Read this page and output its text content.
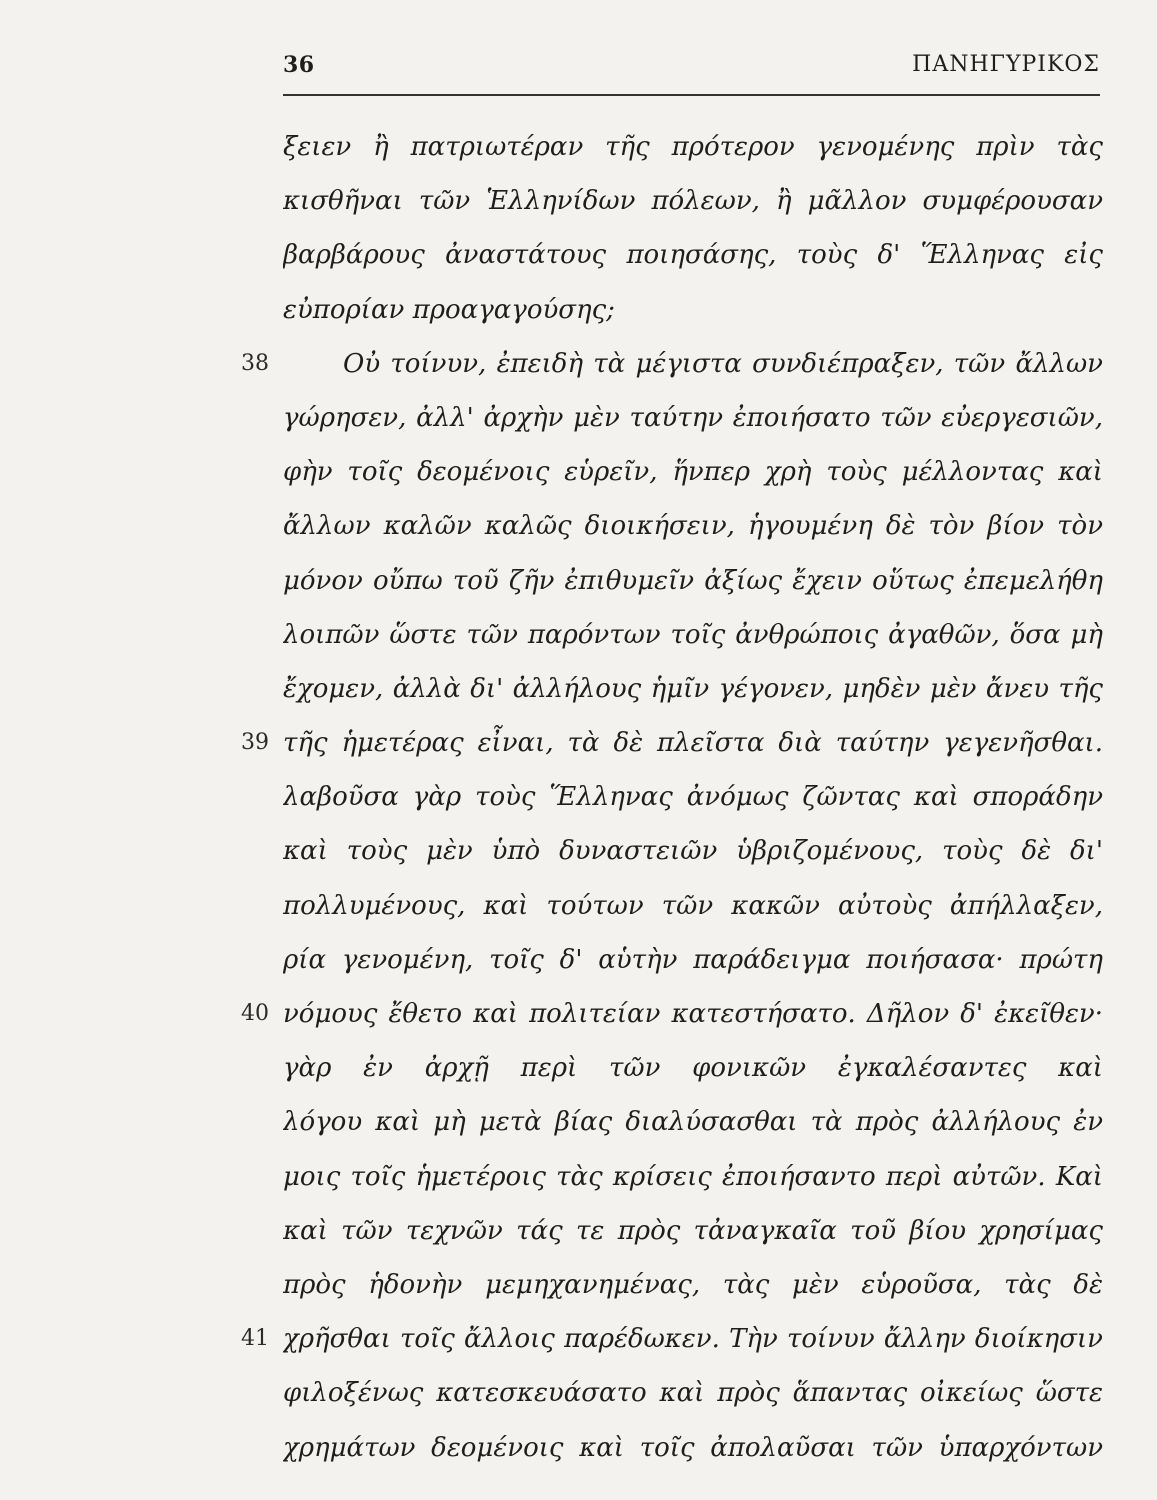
36	ΠΑΝΗΓΥΡΙΚΟΣ
ξειεν ἢ πατριωτέραν τῆς πρότερον γενομένης πρὶν τὰς
κισθῆναι τῶν Ἑλληνίδων πόλεων, ἢ μᾶλλον συμφέρουσαν
βαρβάρους ἀναστάτους ποιησάσης, τοὺς δ' Ἕλληνας εἰς
εὐπορίαν προαγαγούσης;
38	Οὐ τοίνυν, ἐπειδὴ τὰ μέγιστα συνδιέπραξεν, τῶν ἄλλων
γώρησεν, ἀλλ' ἀρχὴν μὲν ταύτην ἐποιήσατο τῶν εὐεργεσιῶν,
φὴν τοῖς δεομένοις εὑρεῖν, ἥνπερ χρὴ τοὺς μέλλοντας καὶ
ἄλλων καλῶν καλῶς διοικήσειν, ἡγουμένη δὲ τὸν βίον τὸν
μόνον οὔπω τοῦ ζῆν ἐπιθυμεῖν ἀξίως ἔχειν οὕτως ἐπεμελήθη
λοιπῶν ὥστε τῶν παρόντων τοῖς ἀνθρώποις ἀγαθῶν, ὅσα μὴ
ἔχομεν, ἀλλὰ δι' ἀλλήλους ἡμῖν γέγονεν, μηδὲν μὲν ἄνευ τῆς
39 τῆς ἡμετέρας εἶναι, τὰ δὲ πλεῖστα διὰ ταύτην γεγενῆσθαι.
λαβοῦσα γὰρ τοὺς Ἕλληνας ἀνόμως ζῶντας καὶ σποράδην
καὶ τοὺς μὲν ὑπὸ δυναστειῶν ὑβριζομένους, τοὺς δὲ δι'
πολλυμένους, καὶ τούτων τῶν κακῶν αὐτοὺς ἀπήλλαξεν,
ρία γενομένη, τοῖς δ' αὑτὴν παράδειγμα ποιήσασα· πρώτη
40 νόμους ἔθετο καὶ πολιτείαν κατεστήσατο. Δῆλον δ' ἐκεῖθεν·
γὰρ ἐν ἀρχῇ περὶ τῶν φονικῶν ἐγκαλέσαντες καὶ
λόγου καὶ μὴ μετὰ βίας διαλύσασθαι τὰ πρὸς ἀλλήλους ἐν
μοις τοῖς ἡμετέροις τὰς κρίσεις ἐποιήσαντο περὶ αὐτῶν. Καὶ
καὶ τῶν τεχνῶν τάς τε πρὸς τἀναγκαῖα τοῦ βίου χρησίμας
πρὸς ἡδονὴν μεμηχανημένας, τὰς μὲν εὑροῦσα, τὰς δὲ
41 χρῆσθαι τοῖς ἄλλοις παρέδωκεν. Τὴν τοίνυν ἄλλην διοίκησιν
φιλοξένως κατεσκευάσατο καὶ πρὸς ἅπαντας οἰκείως ὥστε
χρημάτων δεομένοις καὶ τοῖς ἀπολαῦσαι τῶν ὑπαρχόντων
